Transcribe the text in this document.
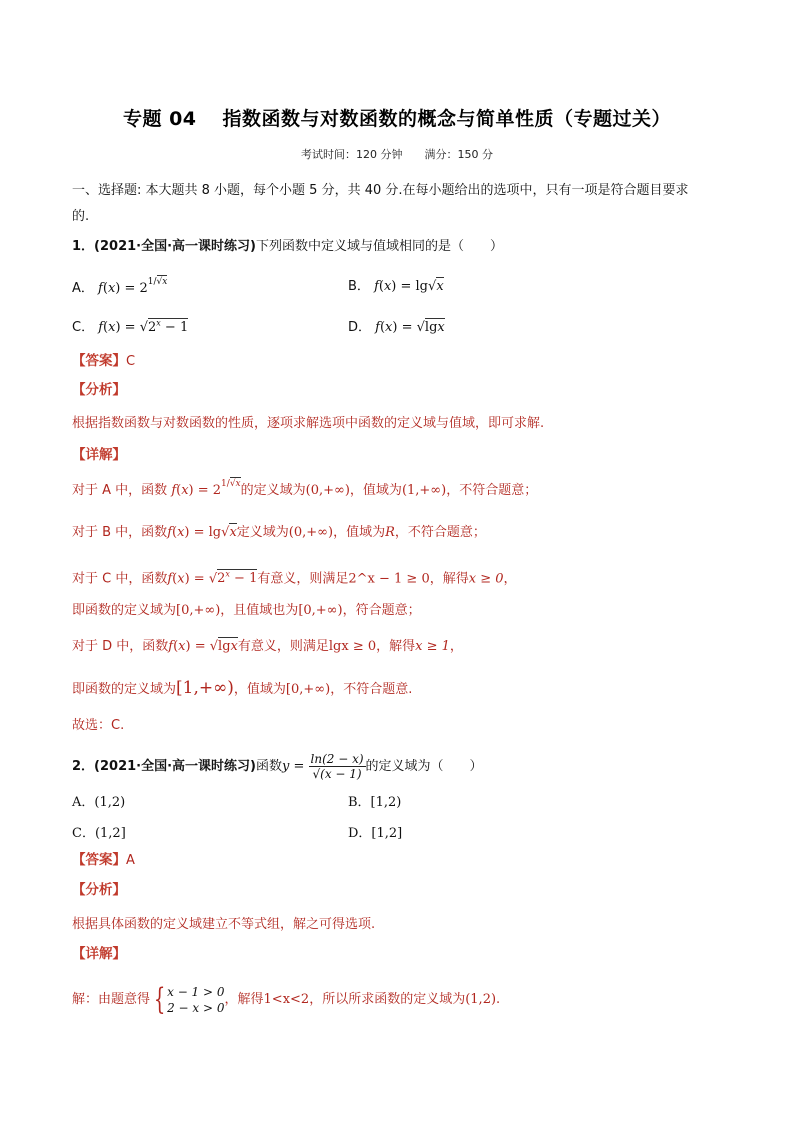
专题 04 指数函数与对数函数的概念与简单性质（专题过关）
考试时间：120 分钟 满分：150 分
一、选择题: 本大题共 8 小题，每个小题 5 分，共 40 分.在每小题给出的选项中，只有一项是符合题目要求
的.
1．(2021·全国·高一课时练习)下列函数中定义域与值域相同的是（　　）
A． $f(x) = 2^{1/√x}$	B． f(x) = lg√x
C． $f(x) = √2^x - 1$	D． f(x) = √lgx
【答案】C
【分析】
根据指数函数与对数函数的性质，逐项求解选项中函数的定义域与值域，即可求解.
【详解】
对于 A 中，函数 $f(x) = 2^{1/√x}$的定义域为(0,+∞)，值域为(1,+∞)，不符合题意；
对于 B 中，函数f(x) = lg√x定义域为(0,+∞)，值域为R，不符合题意；
对于 C 中，函数$f(x) = √2^x - 1$有意义，则满足2^x − 1 ≥ 0，解得x ≥ 0，
即函数的定义域为[0,+∞)，且值域也为[0,+∞)，符合题意；
对于 D 中，函数f(x) = √lgx有意义，则满足lgx ≥ 0，解得x ≥ 1，
即函数的定义域为[1,+∞)，值域为[0,+∞)，不符合题意.
故选：C.
2．(2021·全国·高一课时练习)函数$y = \frac{\ln(2 - x)}{√(x - 1)}$ 的定义域为（　　）
A．(1,2)	B．[1,2)
C．(1,2]	D．[1,2]
【答案】A
【分析】
根据具体函数的定义域建立不等式组，解之可得选项.
【详解】
解：由题意得 { x − 1 > 0
2 − x > 0
，解得1<x<2，所以所求函数的定义域为(1,2).
